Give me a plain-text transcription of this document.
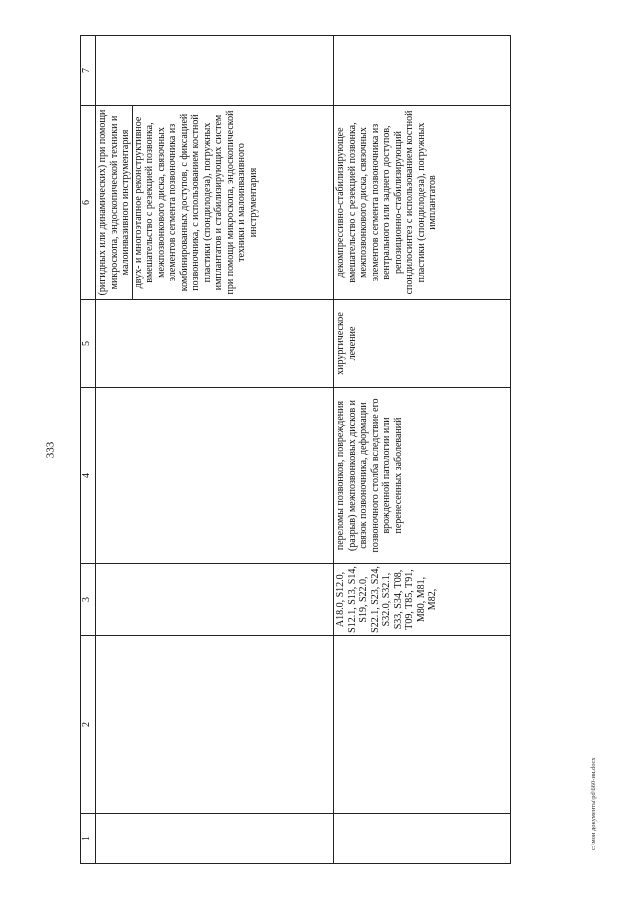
333
c:\мои документы\pd\660-ии.docx
1	2	3	4	5	6	7

					(ригидных или динамических) при помощи микроскопа, эндоскопической техники и малоинвазивного инструментария двух- и многоэтапное реконструктивное вмешательство с резекцией позвонка, межпозвонкового диска, связочных элементов сегмента позвоночника из комбинированных доступов, с фиксацией позвоночника, с использованием костной пластики (спондилодеза), погружных имплантатов и стабилизирующих систем при помощи микроскопа, эндоскопической техники и малоинвазивного инструментария	

		A18.0, S12.0, S12.1, S13, S14, S19, S22.0, S22.1, S23, S24, S32.0, S32.1, S33, S34, T08, T09, T85, T91, M80, M81, M82,	переломы позвонков, повреждения (разрыв) межпозвонковых дисков и связок позвоночника, деформации позвоночного столба вследствие его врожденной патологии или перенесенных заболеваний	хирургическое лечение	декомпрессивно-стабилизирующее вмешательство с резекцией позвонка, межпозвонкового диска, связочных элементов сегмента позвоночника из вентрального или заднего доступов, репозиционно-стабилизирующий спондилосинтез с использованием костной пластики (спондилодеза), погружных имплантатов	
